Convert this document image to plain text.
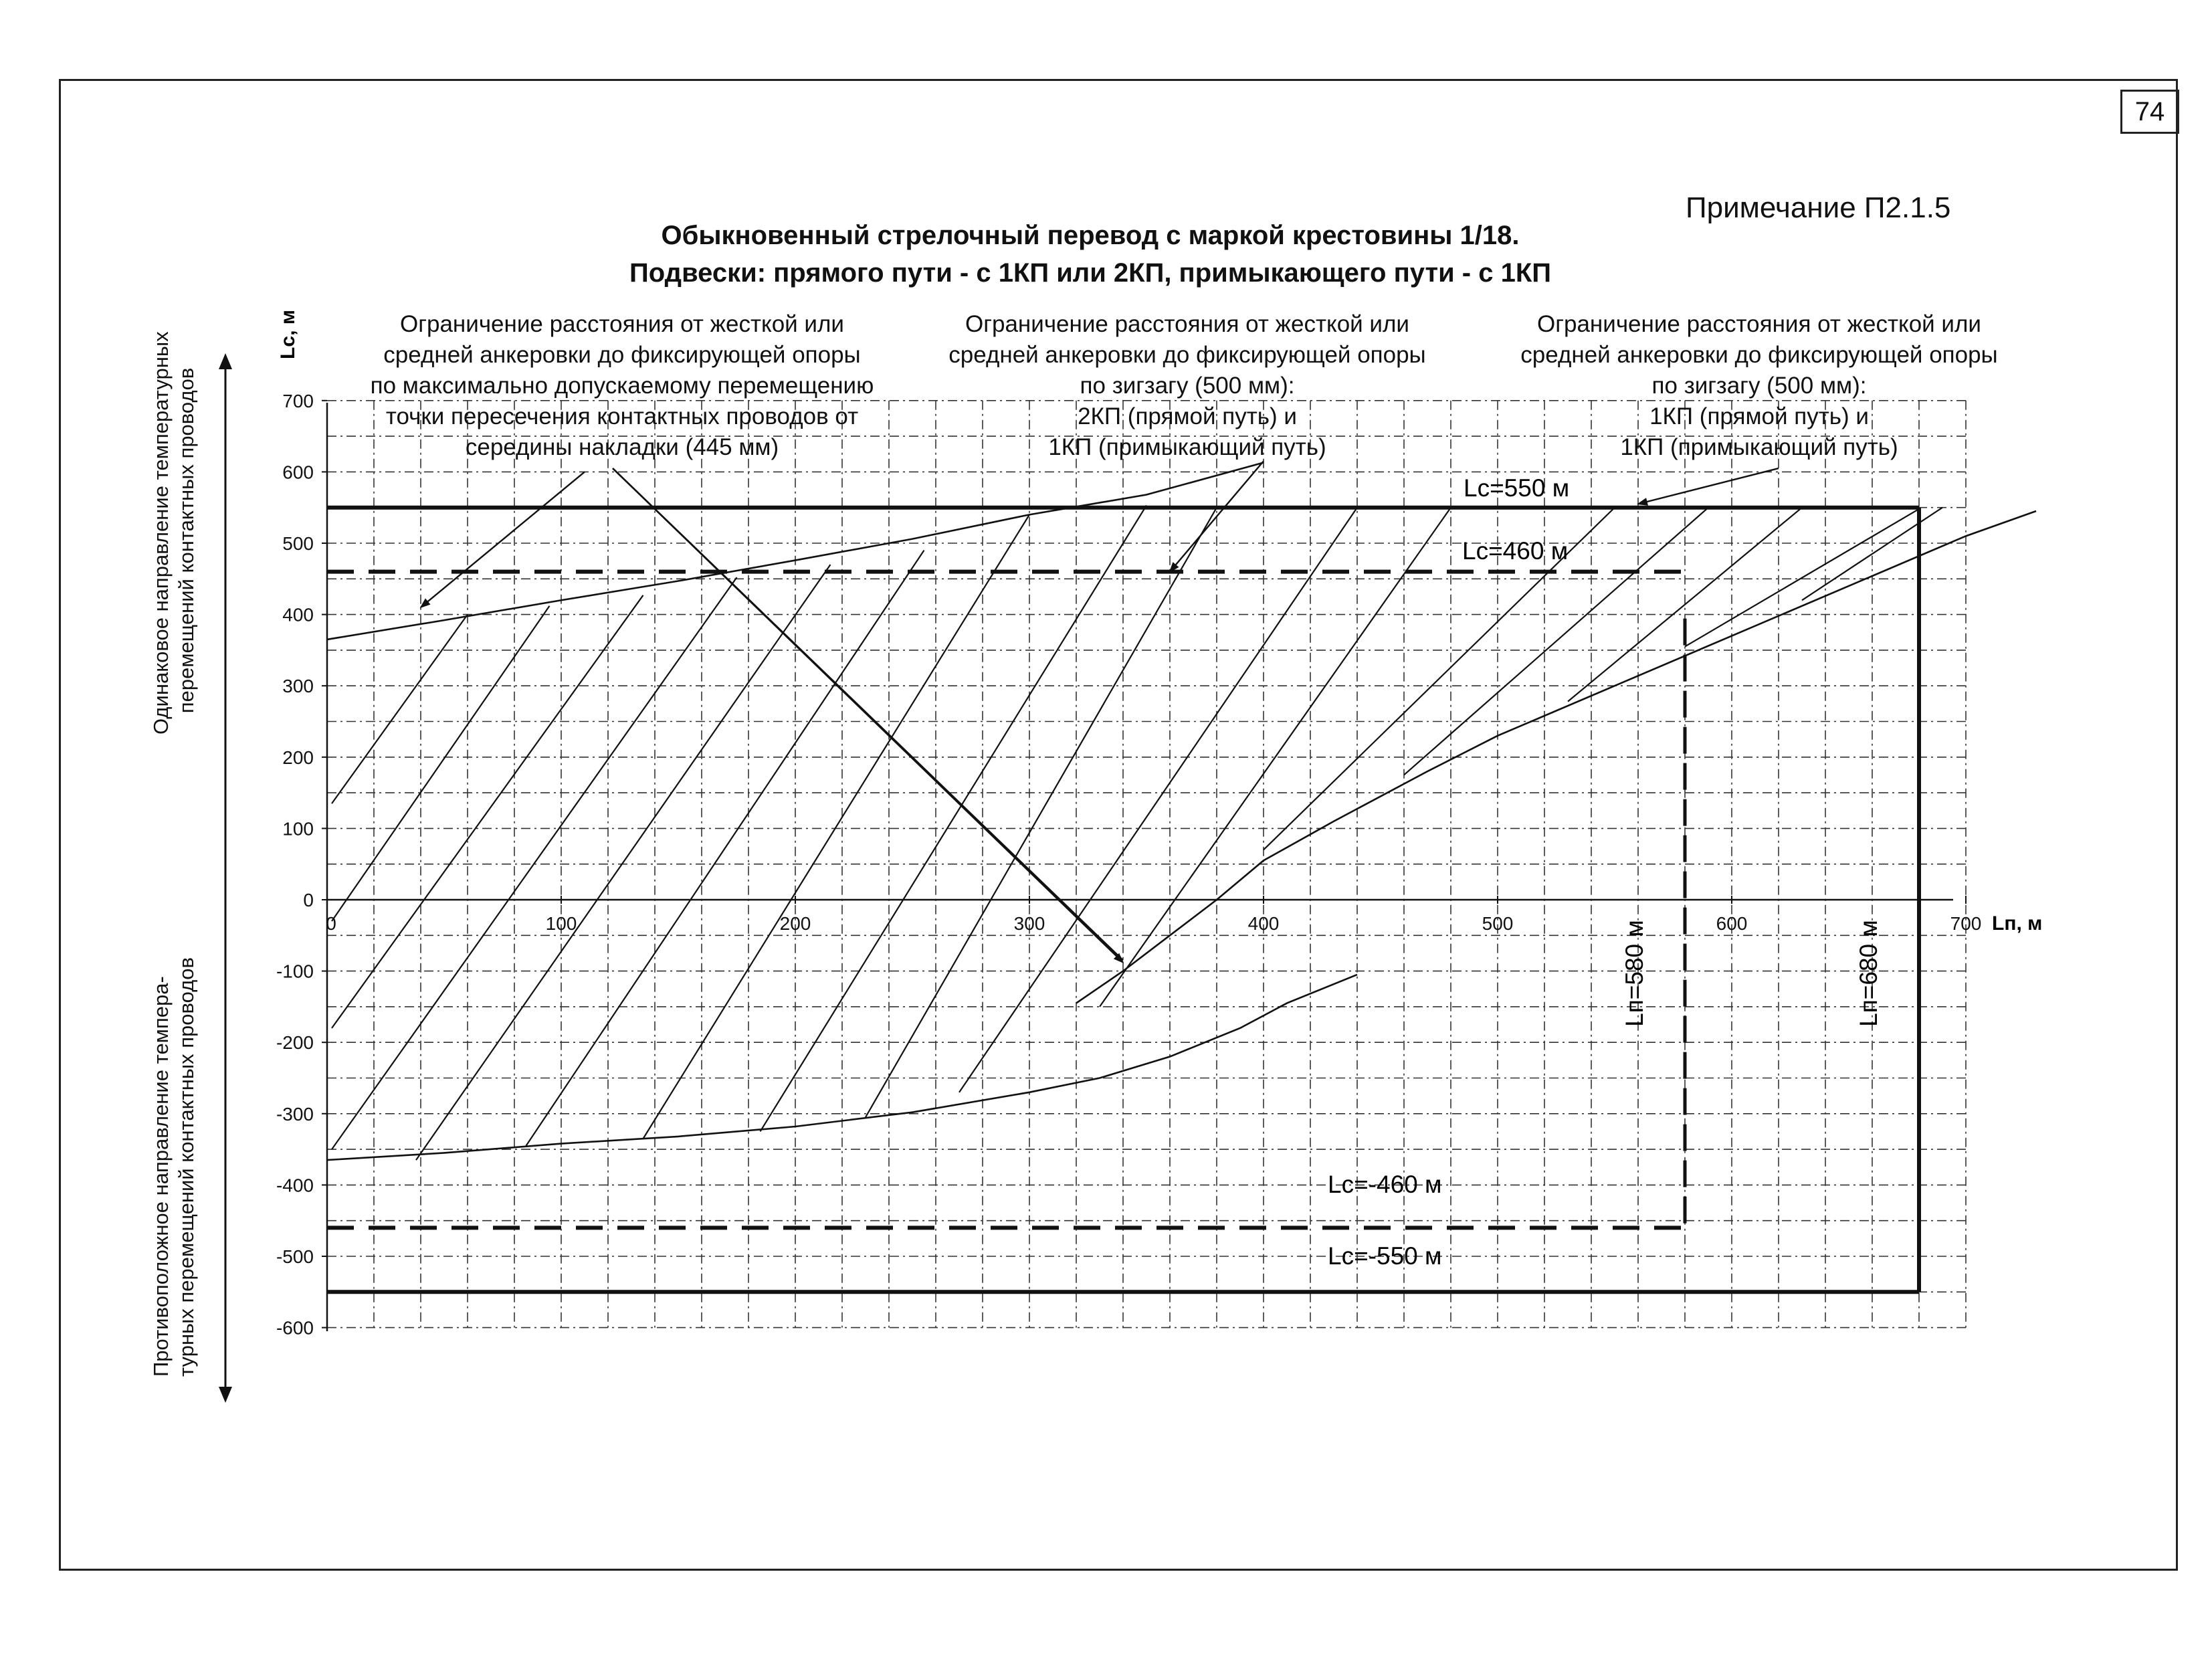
74
Примечание П2.1.5
Обыкновенный стрелочный перевод с маркой крестовины 1/18.
Подвески: прямого пути - с 1КП или 2КП, примыкающего пути - с 1КП
Одинаковое направление температурных перемещений контактных проводов
Противоположное направление темпера- турных перемещений контактных проводов
0	100	200	300	400	500	600	700
700
600
500
400
300
200
100
0
-100
-200
-300
-400
-500
-600
Ограничение расстояния от жесткой или
средней анкеровки до фиксирующей опоры
по максимально допускаемому перемещению
точки пересечения контактных проводов от
середины накладки (445 мм)
Ограничение расстояния от жесткой или
средней анкеровки до фиксирующей опоры
по зигзагу (500 мм):
2КП (прямой путь) и
1КП (примыкающий путь)
Ограничение расстояния от жесткой или
средней анкеровки до фиксирующей опоры
по зигзагу (500 мм):
1КП (прямой путь) и
1КП (примыкающий путь)
Lс, м
Lп, м
Lс=550 м
Lс=460 м
Lс=-460 м
Lс=-550 м
Lп=580 м	Lп=680 м
